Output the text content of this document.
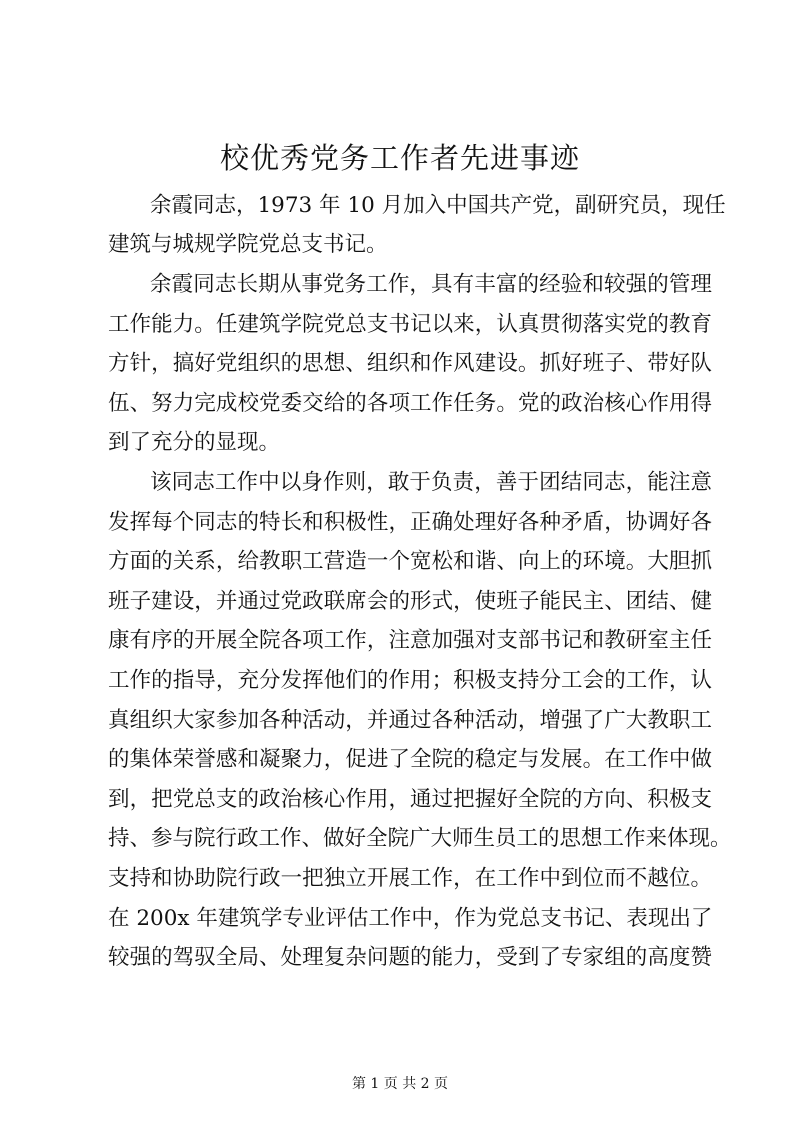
校优秀党务工作者先进事迹
余霞同志，1973 年 10 月加入中国共产党，副研究员，现任
建筑与城规学院党总支书记。
余霞同志长期从事党务工作，具有丰富的经验和较强的管理
工作能力。任建筑学院党总支书记以来，认真贯彻落实党的教育
方针，搞好党组织的思想、组织和作风建设。抓好班子、带好队
伍、努力完成校党委交给的各项工作任务。党的政治核心作用得
到了充分的显现。
该同志工作中以身作则，敢于负责，善于团结同志，能注意
发挥每个同志的特长和积极性，正确处理好各种矛盾，协调好各
方面的关系，给教职工营造一个宽松和谐、向上的环境。大胆抓
班子建设，并通过党政联席会的形式，使班子能民主、团结、健
康有序的开展全院各项工作，注意加强对支部书记和教研室主任
工作的指导，充分发挥他们的作用；积极支持分工会的工作，认
真组织大家参加各种活动，并通过各种活动，增强了广大教职工
的集体荣誉感和凝聚力，促进了全院的稳定与发展。在工作中做
到，把党总支的政治核心作用，通过把握好全院的方向、积极支
持、参与院行政工作、做好全院广大师生员工的思想工作来体现。
支持和协助院行政一把独立开展工作，在工作中到位而不越位。
在 200x 年建筑学专业评估工作中，作为党总支书记、表现出了
较强的驾驭全局、处理复杂问题的能力，受到了专家组的高度赞
第 1 页 共 2 页
